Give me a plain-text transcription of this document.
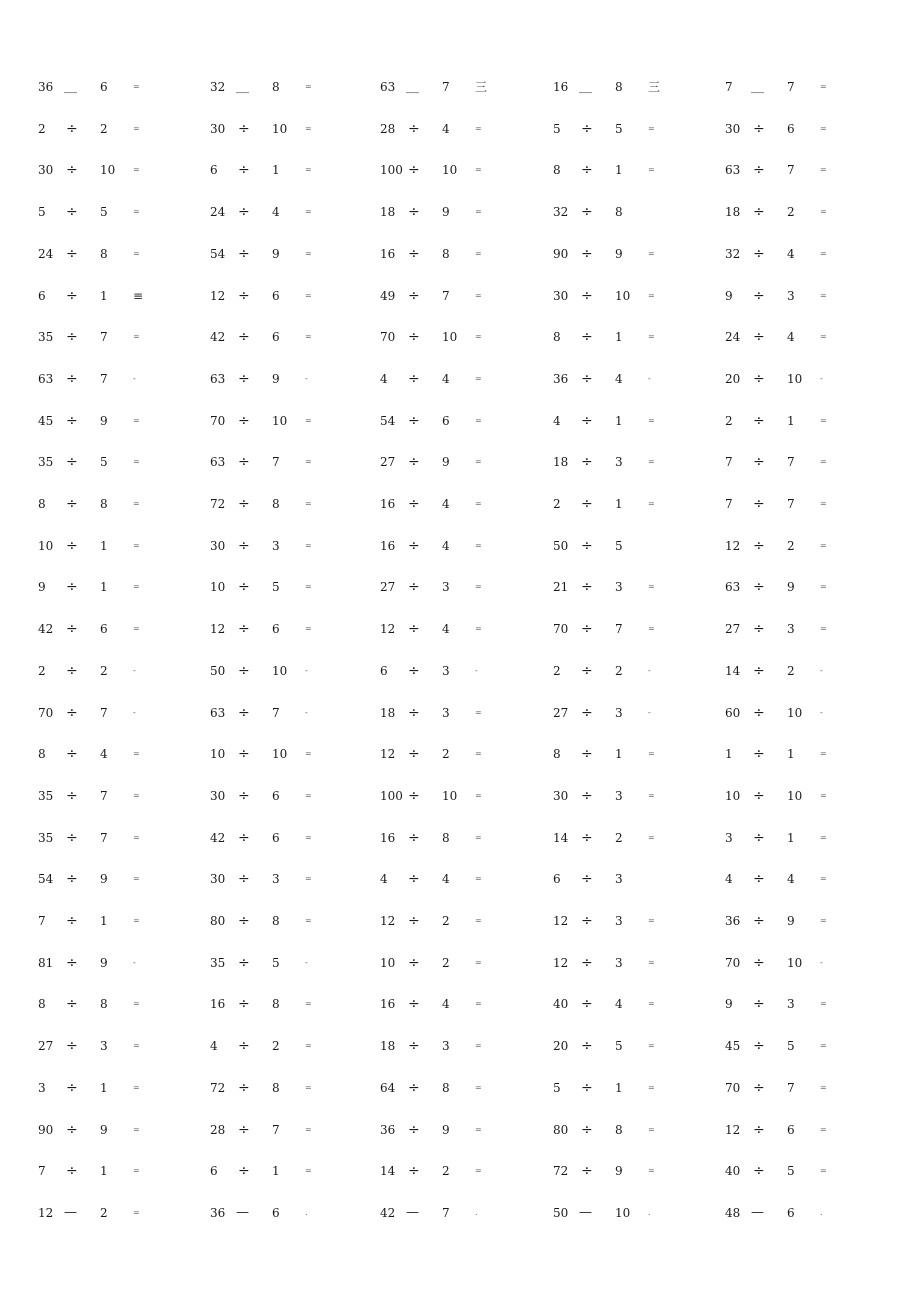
36 __ 6	=
2 ÷ 2	=
30 ÷ 10 =
5 ÷ 5	=
24 ÷ 8	=
6 ÷ 1 ≡
35 ÷ 7	=
63 ÷ 7	-
45 ÷ 9	=
35 ÷ 5	=
8 ÷ 8	=
10 ÷ 1	=
9 ÷ 1	=
42 ÷ 6	=
2 ÷ 2	-
70 ÷ 7	-
8 ÷ 4	=
35 ÷ 7	=
35 ÷ 7	=
54 ÷ 9	=
7 ÷ 1	=
81 ÷ 9	-
8 ÷ 8	=
27 ÷ 3	=
3 ÷ 1	=
90 ÷ 9	=
7 ÷ 1	=
12 — 2	=
32 __ 8	=
30 ÷ 10 =
6 ÷ 1	=
24 ÷ 4	=
54 ÷ 9	=
12 ÷ 6	=
42 ÷ 6	=
63 ÷ 9	-
70 ÷ 10 =
63 ÷ 7	=
72 ÷ 8	=
30 ÷ 3	=
10 ÷ 5	=
12 ÷ 6	=
50 ÷ 10 -
63 ÷ 7	-
10 ÷ 10 =
30 ÷ 6	=
42 ÷ 6	=
30 ÷ 3	=
80 ÷ 8	=
35 ÷ 5	-
16 ÷ 8	=
4 ÷ 2	=
72 ÷ 8	=
28 ÷ 7	=
6 ÷ 1	=
36 — 6	.
63 __ 7 三
28 ÷ 4	=
100 ÷ 10 =
18 ÷ 9	=
16 ÷ 8	=
49 ÷ 7	=
70 ÷ 10 =
4 ÷ 4	=
54 ÷ 6	=
27 ÷ 9	=
16 ÷ 4	=
16 ÷ 4	=
27 ÷ 3	=
12 ÷ 4	=
6 ÷ 3	-
18 ÷ 3	=
12 ÷ 2	=
100 ÷ 10 =
16 ÷ 8	=
4 ÷ 4	=
12 ÷ 2	=
10 ÷ 2	=
16 ÷ 4	=
18 ÷ 3	=
64 ÷ 8	=
36 ÷ 9	=
14 ÷ 2	=
42 — 7	.
16 __ 8 三
5 ÷ 5	=
8 ÷ 1	=
32 ÷ 8
90 ÷ 9	=
30 ÷ 10 =
8 ÷ 1	=
36 ÷ 4	-
4 ÷ 1	=
18 ÷ 3	=
2 ÷ 1	=
50 ÷ 5
21 ÷ 3	=
70 ÷ 7	=
2 ÷ 2	-
27 ÷ 3	-
8 ÷ 1	=
30 ÷ 3	=
14 ÷ 2	=
6 ÷ 3
12 ÷ 3	=
12 ÷ 3	=
40 ÷ 4	=
20 ÷ 5	=
5 ÷ 1	=
80 ÷ 8	=
72 ÷ 9	=
50 — 10 .
7 __ 7	=
30 ÷ 6	=
63 ÷ 7	=
18 ÷ 2	=
32 ÷ 4	=
9 ÷ 3	=
24 ÷ 4	=
20 ÷ 10 -
2 ÷ 1	=
7 ÷ 7	=
7 ÷ 7	=
12 ÷ 2	=
63 ÷ 9	=
27 ÷ 3	=
14 ÷ 2	-
60 ÷ 10 -
1 ÷ 1	=
10 ÷ 10 =
3 ÷ 1	=
4 ÷ 4	=
36 ÷ 9	=
70 ÷ 10 -
9 ÷ 3	=
45 ÷ 5	=
70 ÷ 7	=
12 ÷ 6	=
40 ÷ 5	=
48 — 6	.
